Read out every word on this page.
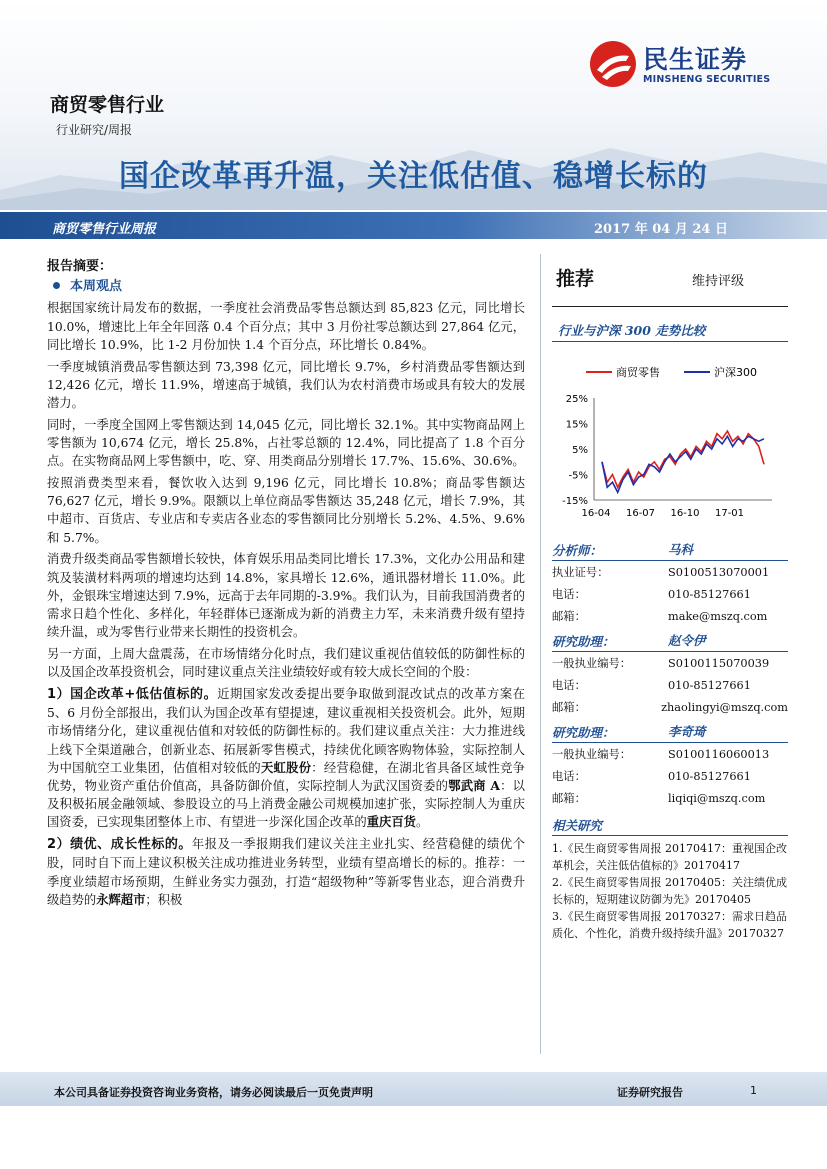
民生证券
MINSHENG SECURITIES
商贸零售行业
行业研究/周报
国企改革再升温，关注低估值、稳增长标的
商贸零售行业周报	2017 年 04 月 24 日
报告摘要：
本周观点

根据国家统计局发布的数据，一季度社会消费品零售总额达到 85,823 亿元，同比增长 10.0%，增速比上年全年回落 0.4 个百分点；其中 3 月份社零总额达到 27,864 亿元，同比增长 10.9%，比 1-2 月份加快 1.4 个百分点，环比增长 0.84%。

一季度城镇消费品零售额达到 73,398 亿元，同比增长 9.7%，乡村消费品零售额达到 12,426 亿元，增长 11.9%，增速高于城镇，我们认为农村消费市场或具有较大的发展潜力。

同时，一季度全国网上零售额达到 14,045 亿元，同比增长 32.1%。其中实物商品网上零售额为 10,674 亿元，增长 25.8%，占社零总额的 12.4%，同比提高了 1.8 个百分点。在实物商品网上零售额中，吃、穿、用类商品分别增长 17.7%、15.6%、30.6%。

按照消费类型来看，餐饮收入达到 9,196 亿元，同比增长 10.8%；商品零售额达 76,627 亿元，增长 9.9%。限额以上单位商品零售额达 35,248 亿元，增长 7.9%，其中超市、百货店、专业店和专卖店各业态的零售额同比分别增长 5.2%、4.5%、9.6%和 5.7%。

消费升级类商品零售额增长较快，体育娱乐用品类同比增长 17.3%，文化办公用品和建筑及装潢材料两项的增速均达到 14.8%，家具增长 12.6%，通讯器材增长 11.0%。此外，金银珠宝增速达到 7.9%，远高于去年同期的-3.9%。我们认为，目前我国消费者的需求日趋个性化、多样化，年轻群体已逐渐成为新的消费主力军，未来消费升级有望持续升温，或为零售行业带来长期性的投资机会。

另一方面，上周大盘震荡，在市场情绪分化时点，我们建议重视估值较低的防御性标的以及国企改革投资机会，同时建议重点关注业绩较好或有较大成长空间的个股：

1）国企改革+低估值标的。近期国家发改委提出要争取做到混改试点的改革方案在 5、6 月份全部报出，我们认为国企改革有望提速，建议重视相关投资机会。此外，短期市场情绪分化，建议重视估值和对较低的防御性标的。我们建议重点关注：大力推进线上线下全渠道融合，创新业态、拓展新零售模式，持续优化顾客购物体验，实际控制人为中国航空工业集团，估值相对较低的天虹股份：经营稳健，在湖北省具备区域性竞争优势，物业资产重估价值高，具备防御价值，实际控制人为武汉国资委的鄂武商 A：以及积极拓展金融领域、参股设立的马上消费金融公司规模加速扩张，实际控制人为重庆国资委，已实现集团整体上市、有望进一步深化国企改革的重庆百货。

2）绩优、成长性标的。年报及一季报期我们建议关注主业扎实、经营稳健的绩优个股，同时自下而上建议积极关注成功推进业务转型，业绩有望高增长的标的。推荐：一季度业绩超市场预期，生鲜业务实力强劲，打造“超级物种”等新零售业态，迎合消费升级趋势的永辉超市；积极

推荐	维持评级
行业与沪深 300 走势比较
商贸零售	沪深300
25%
15%
5%
-5%
-15%
16-04 16-07 16-10 17-01
分析师：	马科
执业证号：	S0100513070001
电话：	010-85127661
邮箱：	make@mszq.com
研究助理：	赵令伊
一般执业编号：	S0100115070039
电话：	010-85127661
邮箱：	zhaolingyi@mszq.com
研究助理：	李奇琦
一般执业编号：	S0100116060013
电话：	010-85127661
邮箱：	liqiqi@mszq.com
相关研究
1.《民生商贸零售周报 20170417：重视国企改革机会，关注低估值标的》20170417
2.《民生商贸零售周报 20170405：关注绩优成长标的，短期建议防御为先》20170405
3.《民生商贸零售周报 20170327：需求日趋品质化、个性化，消费升级持续升温》20170327
本公司具备证券投资咨询业务资格，请务必阅读最后一页免责声明	证券研究报告	1
